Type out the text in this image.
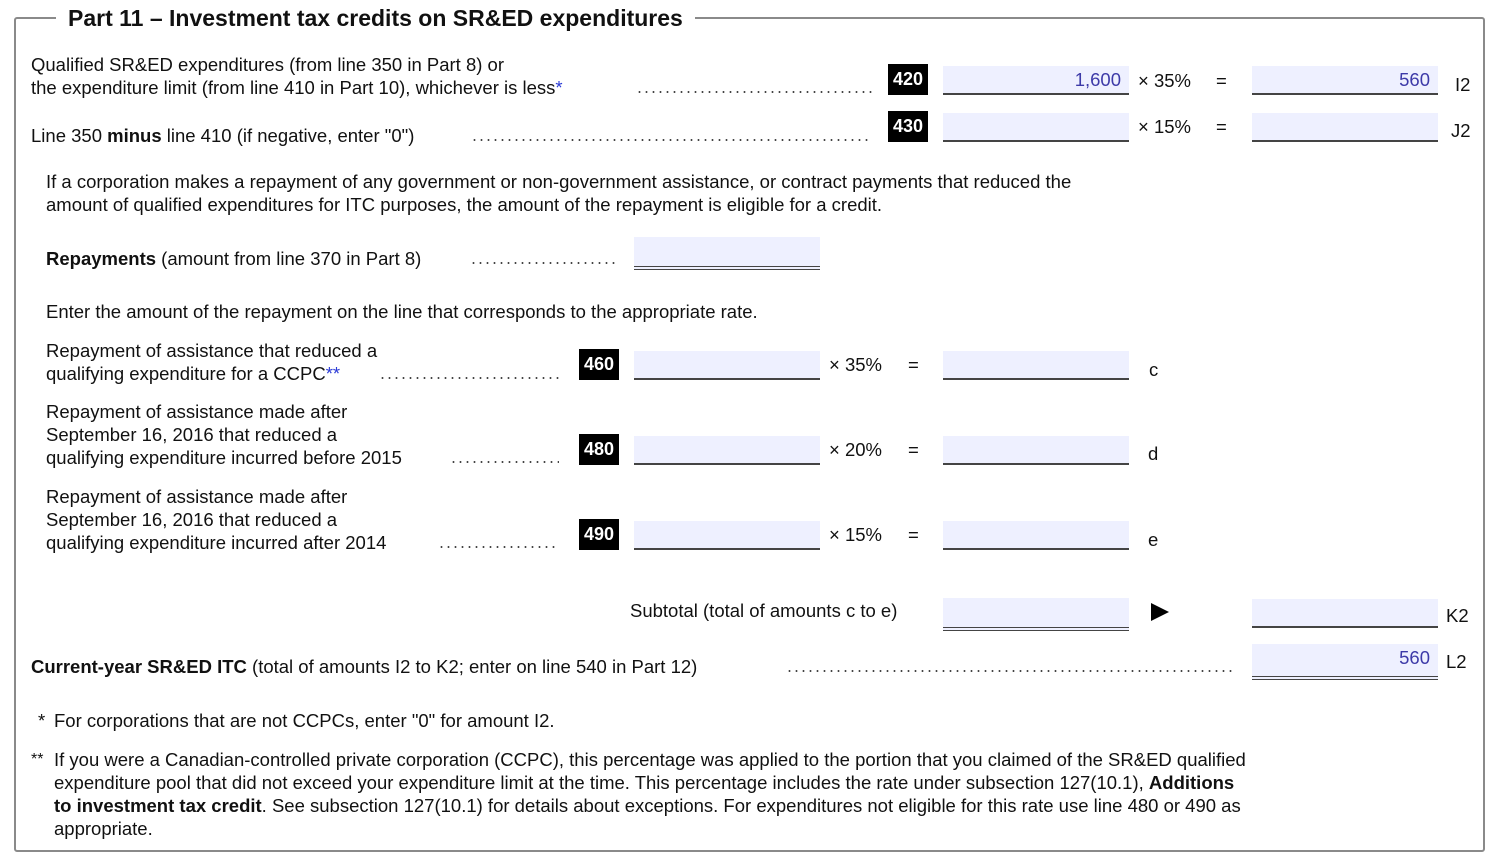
Part 11 – Investment tax credits on SR&ED expenditures
Qualified SR&ED expenditures (from line 350 in Part 8) or
the expenditure limit (from line 410 in Part 10), whichever is less*	420	1,600 × 35% =	560	I2
Line 350 minus line 410 (if negative, enter "0")	430	× 15% =	J2
If a corporation makes a repayment of any government or non-government assistance, or contract payments that reduced the
amount of qualified expenditures for ITC purposes, the amount of the repayment is eligible for a credit.
Repayments (amount from line 370 in Part 8)
Enter the amount of the repayment on the line that corresponds to the appropriate rate.
Repayment of assistance that reduced a
qualifying expenditure for a CCPC**	460	× 35% =	c
Repayment of assistance made after
September 16, 2016 that reduced a
qualifying expenditure incurred before 2015	480	× 20% =	d
Repayment of assistance made after
September 16, 2016 that reduced a
qualifying expenditure incurred after 2014	490	× 15% =	e
Subtotal (total of amounts c to e)	K2
Current-year SR&ED ITC (total of amounts I2 to K2; enter on line 540 in Part 12)	560 L2
* For corporations that are not CCPCs, enter "0" for amount I2.
** If you were a Canadian-controlled private corporation (CCPC), this percentage was applied to the portion that you claimed of the SR&ED qualified
expenditure pool that did not exceed your expenditure limit at the time. This percentage includes the rate under subsection 127(10.1), Additions
to investment tax credit. See subsection 127(10.1) for details about exceptions. For expenditures not eligible for this rate use line 480 or 490 as
appropriate.
